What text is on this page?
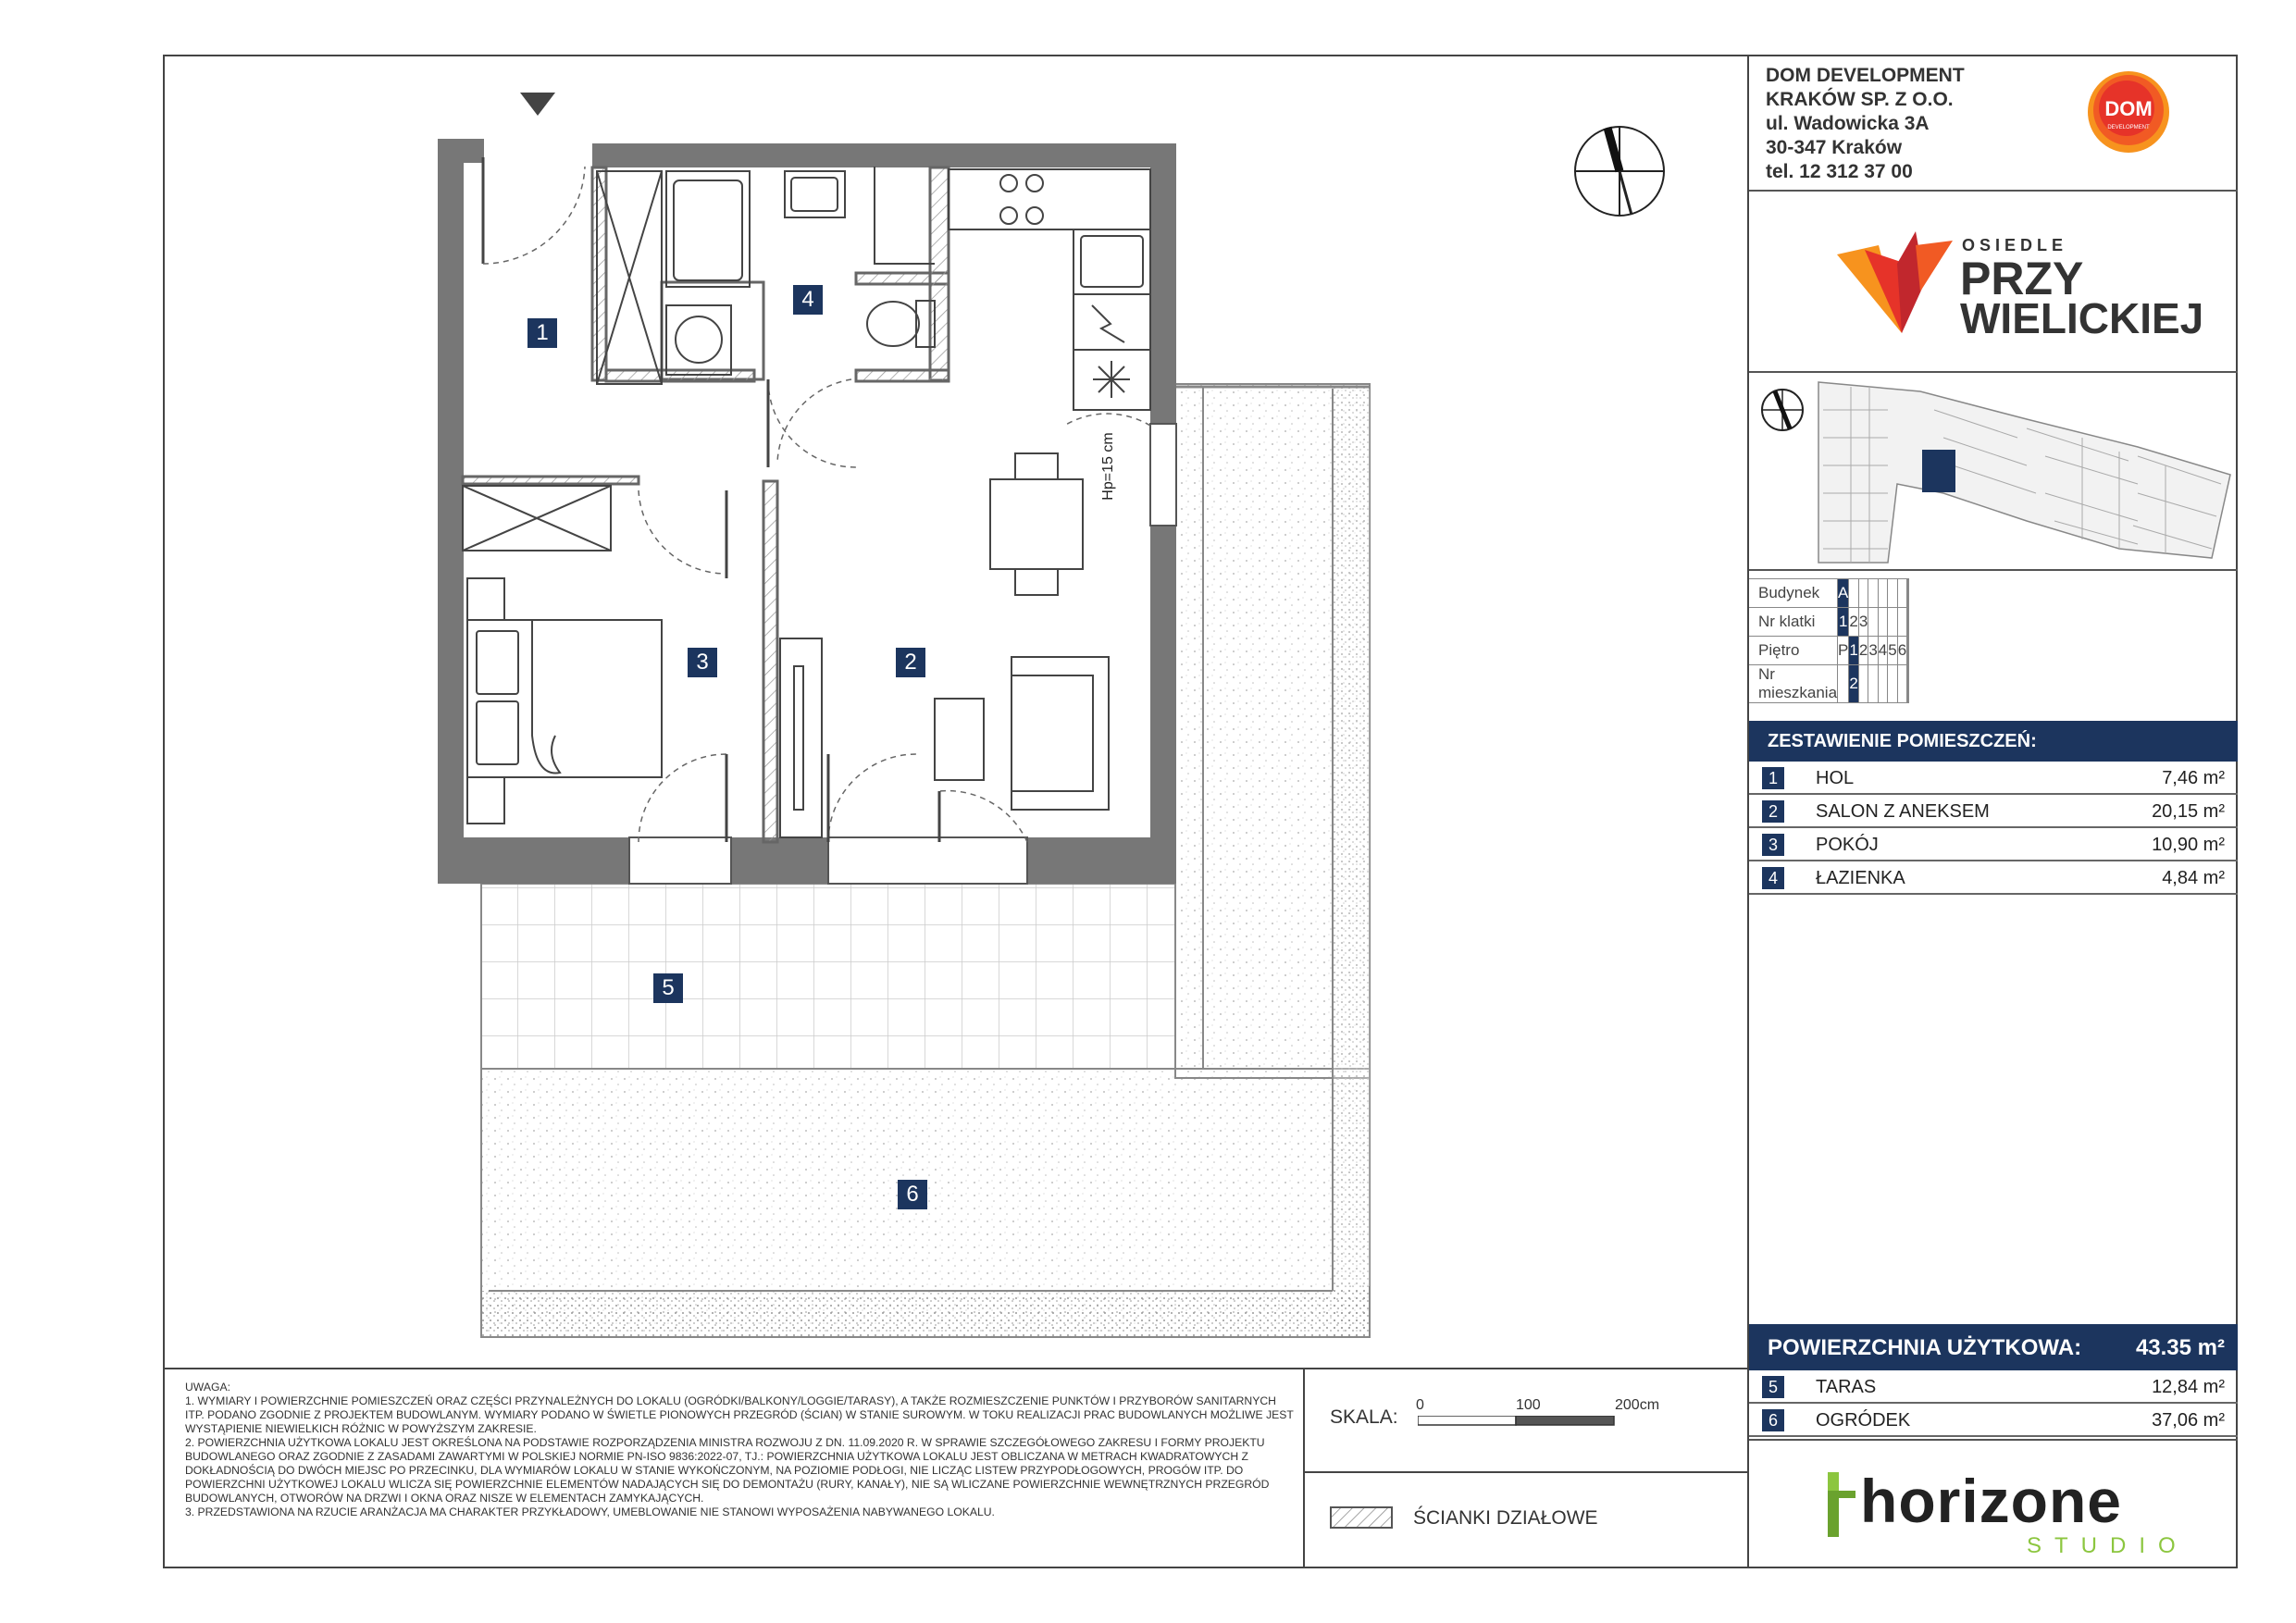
1
4
3	2
5
6
Hp=15 cm
DOM DEVELOPMENT
KRAKÓW SP. Z O.O.
ul. Wadowicka 3A
30-347 Kraków
tel. 12 312 37 00
DOM
DEVELOPMENT
OSIEDLE
PRZY
WIELICKIEJ
Budynek	A								
Nr klatki	1	2	3						
Piętro	P	1	2	3	4	5	6		
Nr mieszkania		2							
ZESTAWIENIE POMIESZCZEŃ:
1	HOL	7,46 m²
2	SALON Z ANEKSEM	20,15 m²
3	POKÓJ	10,90 m²
4	ŁAZIENKA	4,84 m²
POWIERZCHNIA UŻYTKOWA: 43.35 m²
5	TARAS	12,84 m²
6	OGRÓDEK	37,06 m²
horizone
STUDIO
UWAGA:
1. WYMIARY I POWIERZCHNIE POMIESZCZEŃ ORAZ CZĘŚCI PRZYNALEŻNYCH DO LOKALU (OGRÓDKI/BALKONY/LOGGIE/TARASY), A TAKŻE ROZMIESZCZENIE PUNKTÓW I PRZYBORÓW SANITARNYCH ITP. PODANO ZGODNIE Z PROJEKTEM BUDOWLANYM. WYMIARY PODANO W ŚWIETLE PIONOWYCH PRZEGRÓD (ŚCIAN) W STANIE SUROWYM. W TOKU REALIZACJI PRAC BUDOWLANYCH MOŻLIWE JEST WYSTĄPIENIE NIEWIELKICH RÓŻNIC W POWYŻSZYM ZAKRESIE.
2. POWIERZCHNIA UŻYTKOWA LOKALU JEST OKREŚLONA NA PODSTAWIE ROZPORZĄDZENIA MINISTRA ROZWOJU Z DN. 11.09.2020 R. W SPRAWIE SZCZEGÓŁOWEGO ZAKRESU I FORMY PROJEKTU BUDOWLANEGO ORAZ ZGODNIE Z ZASADAMI ZAWARTYMI W POLSKIEJ NORMIE PN-ISO 9836:2022-07, TJ.: POWIERZCHNIA UŻYTKOWA LOKALU JEST OBLICZANA W METRACH KWADRATOWYCH Z DOKŁADNOŚCIĄ DO DWÓCH MIEJSC PO PRZECINKU, DLA WYMIARÓW LOKALU W STANIE WYKOŃCZONYM, NA POZIOMIE PODŁOGI, NIE LICZĄC LISTEW PRZYPODŁOGOWYCH, PROGÓW ITP. DO POWIERZCHNI UŻYTKOWEJ LOKALU WLICZA SIĘ POWIERZCHNIE ELEMENTÓW NADAJĄCYCH SIĘ DO DEMONTAŻU (RURY, KANAŁY), NIE SĄ WLICZANE POWIERZCHNIE WEWNĘTRZNYCH PRZEGRÓD BUDOWLANYCH, OTWORÓW NA DRZWI I OKNA ORAZ NISZE W ELEMENTACH ZAMYKAJĄCYCH.
3. PRZEDSTAWIONA NA RZUCIE ARANŻACJA MA CHARAKTER PRZYKŁADOWY, UMEBLOWANIE NIE STANOWI WYPOSAŻENIA NABYWANEGO LOKALU.
SKALA:
0	100	200cm
ŚCIANKI DZIAŁOWE
